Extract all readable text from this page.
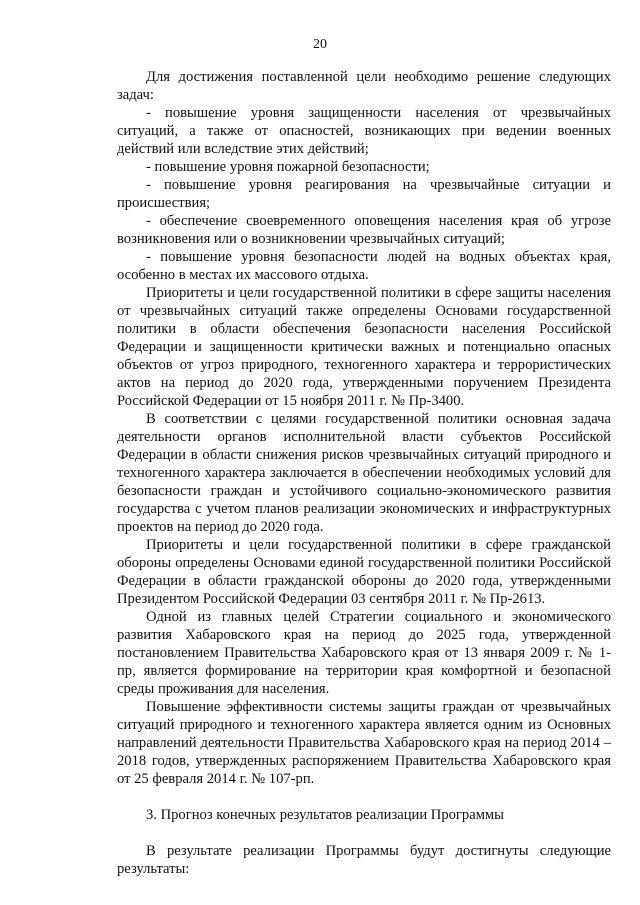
20

Для достижения поставленной цели необходимо решение следующих задач:

- повышение уровня защищенности населения от чрезвычайных ситуаций, а также от опасностей, возникающих при ведении военных действий или вследствие этих действий;

- повышение уровня пожарной безопасности;

- повышение уровня реагирования на чрезвычайные ситуации и происшествия;

- обеспечение своевременного оповещения населения края об угрозе возникновения или о возникновении чрезвычайных ситуаций;

- повышение уровня безопасности людей на водных объектах края, особенно в местах их массового отдыха.

Приоритеты и цели государственной политики в сфере защиты населения от чрезвычайных ситуаций также определены Основами государственной политики в области обеспечения безопасности населения Российской Федерации и защищенности критически важных и потенциально опасных объектов от угроз природного, техногенного характера и террористических актов на период до 2020 года, утвержденными поручением Президента Российской Федерации от 15 ноября 2011 г. № Пр-3400.

В соответствии с целями государственной политики основная задача деятельности органов исполнительной власти субъектов Российской Федерации в области снижения рисков чрезвычайных ситуаций природного и техногенного характера заключается в обеспечении необходимых условий для безопасности граждан и устойчивого социально-экономического развития государства с учетом планов реализации экономических и инфраструктурных проектов на период до 2020 года.

Приоритеты и цели государственной политики в сфере гражданской обороны определены Основами единой государственной политики Российской Федерации в области гражданской обороны до 2020 года, утвержденными Президентом Российской Федерации 03 сентября 2011 г. № Пр-2613.

Одной из главных целей Стратегии социального и экономического развития Хабаровского края на период до 2025 года, утвержденной постановлением Правительства Хабаровского края от 13 января 2009 г. № 1-пр, является формирование на территории края комфортной и безопасной среды проживания для населения.

Повышение эффективности системы защиты граждан от чрезвычайных ситуаций природного и техногенного характера является одним из Основных направлений деятельности Правительства Хабаровского края на период 2014 – 2018 годов, утвержденных распоряжением Правительства Хабаровского края от 25 февраля 2014 г. № 107-рп.

3. Прогноз конечных результатов реализации Программы

В результате реализации Программы будут достигнуты следующие результаты:
